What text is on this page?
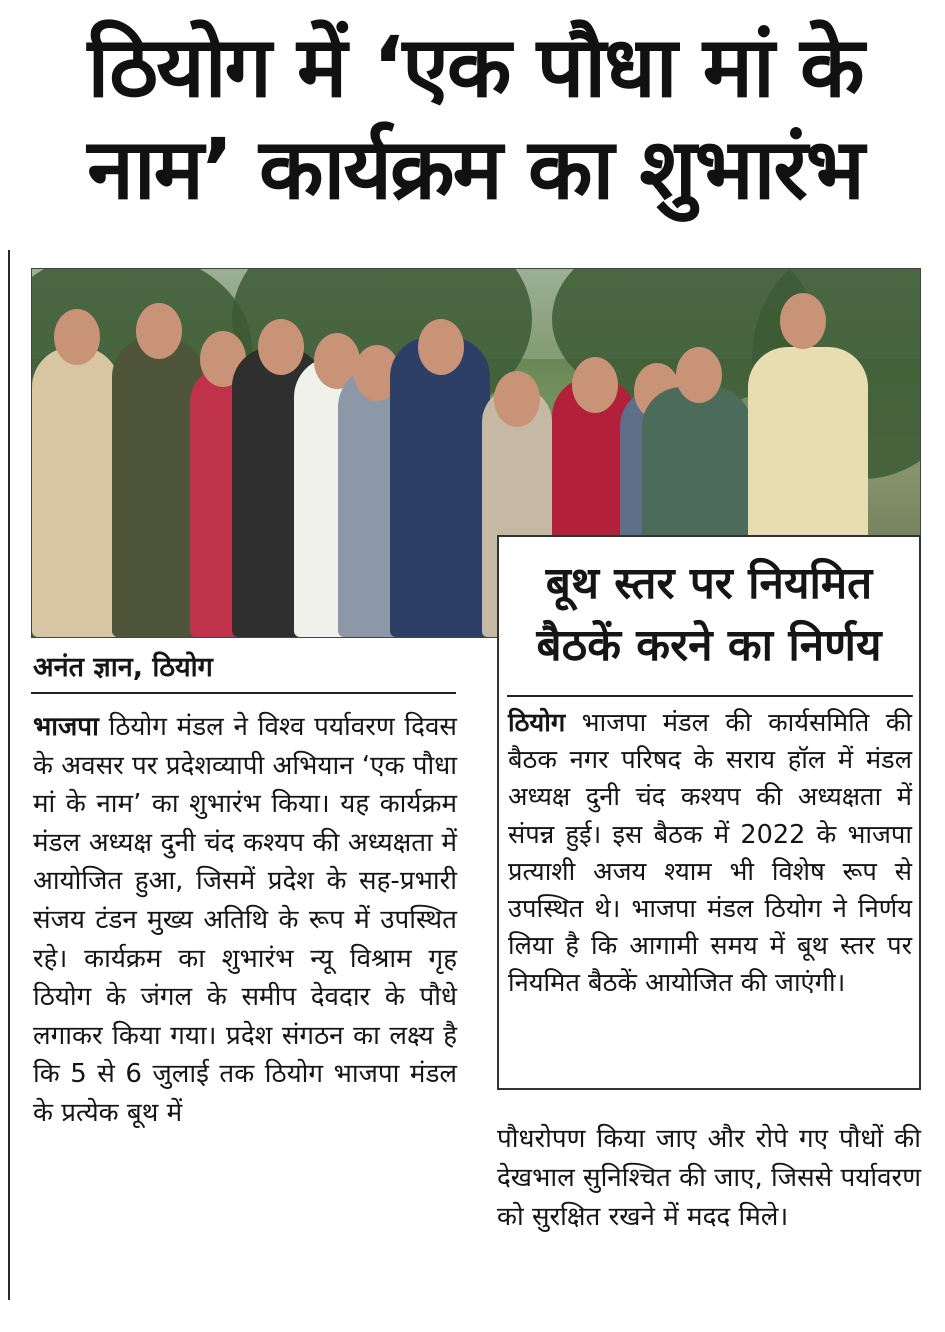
ठियोग में ‘एक पौधा मां के
नाम’ कार्यक्रम का शुभारंभ
अनंत ज्ञान, ठियोग
भाजपा ठियोग मंडल ने विश्व पर्यावरण दिवस के अवसर पर प्रदेशव्यापी अभियान ‘एक पौधा मां के नाम’ का शुभारंभ किया। यह कार्यक्रम मंडल अध्यक्ष दुनी चंद कश्यप की अध्यक्षता में आयोजित हुआ, जिसमें प्रदेश के सह-प्रभारी संजय टंडन मुख्य अतिथि के रूप में उपस्थित रहे। कार्यक्रम का शुभारंभ न्यू विश्राम गृह ठियोग के जंगल के समीप देवदार के पौधे लगाकर किया गया। प्रदेश संगठन का लक्ष्य है कि 5 से 6 जुलाई तक ठियोग भाजपा मंडल के प्रत्येक बूथ में
बूथ स्तर पर नियमित
बैठकें करने का निर्णय
ठियोग भाजपा मंडल की कार्यसमिति की बैठक नगर परिषद के सराय हॉल में मंडल अध्यक्ष दुनी चंद कश्यप की अध्यक्षता में संपन्न हुई। इस बैठक में 2022 के भाजपा प्रत्याशी अजय श्याम भी विशेष रूप से उपस्थित थे। भाजपा मंडल ठियोग ने निर्णय लिया है कि आगामी समय में बूथ स्तर पर नियमित बैठकें आयोजित की जाएंगी।
पौधरोपण किया जाए और रोपे गए पौधों की देखभाल सुनिश्चित की जाए, जिससे पर्यावरण को सुरक्षित रखने में मदद मिले।
